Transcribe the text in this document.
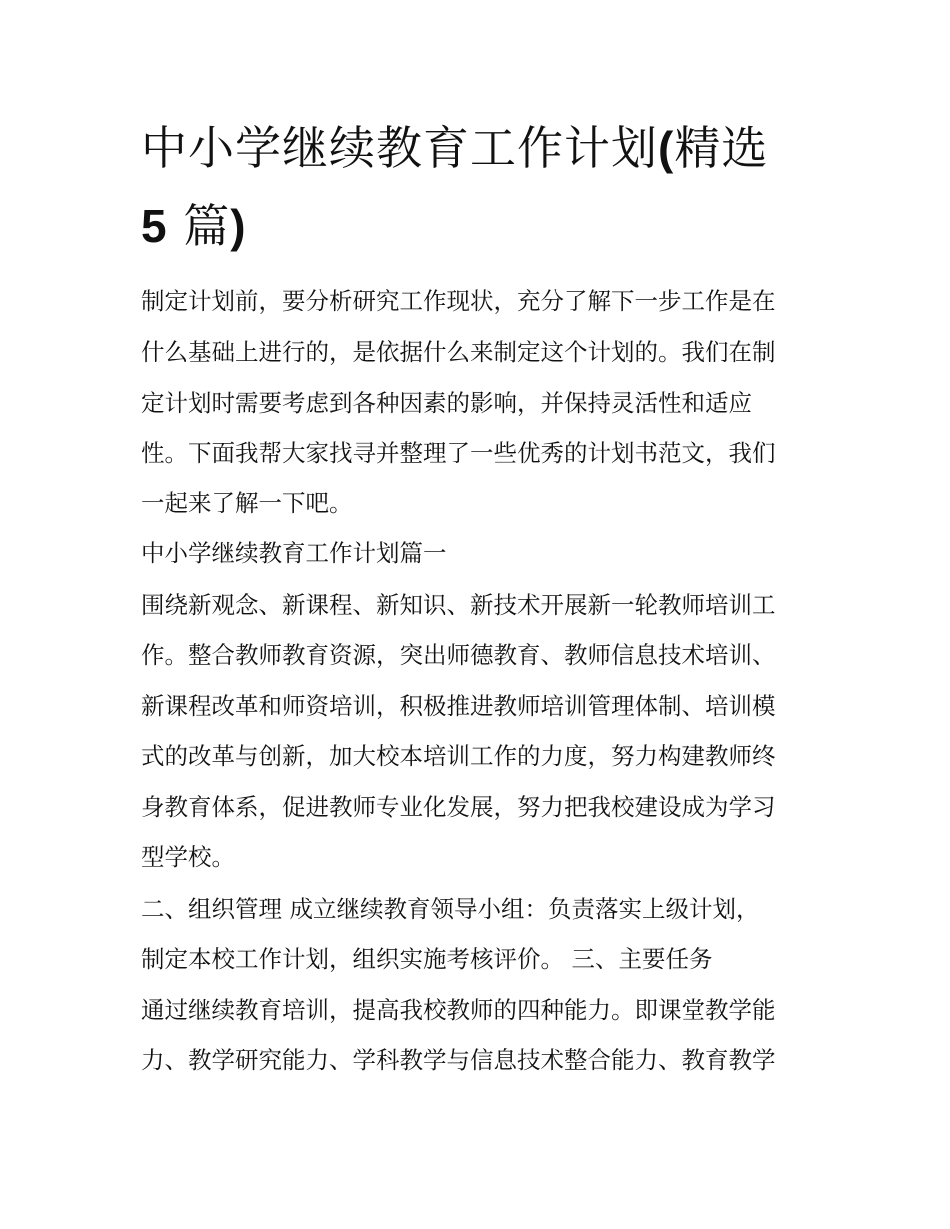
中小学继续教育工作计划(精选
5 篇)
制定计划前，要分析研究工作现状，充分了解下一步工作是在
什么基础上进行的，是依据什么来制定这个计划的。我们在制
定计划时需要考虑到各种因素的影响，并保持灵活性和适应
性。下面我帮大家找寻并整理了一些优秀的计划书范文，我们
一起来了解一下吧。
中小学继续教育工作计划篇一
围绕新观念、新课程、新知识、新技术开展新一轮教师培训工
作。整合教师教育资源，突出师德教育、教师信息技术培训、
新课程改革和师资培训，积极推进教师培训管理体制、培训模
式的改革与创新，加大校本培训工作的力度，努力构建教师终
身教育体系，促进教师专业化发展，努力把我校建设成为学习
型学校。
二、组织管理 成立继续教育领导小组：负责落实上级计划，
制定本校工作计划，组织实施考核评价。 三、主要任务
通过继续教育培训，提高我校教师的四种能力。即课堂教学能
力、教学研究能力、学科教学与信息技术整合能力、教育教学
